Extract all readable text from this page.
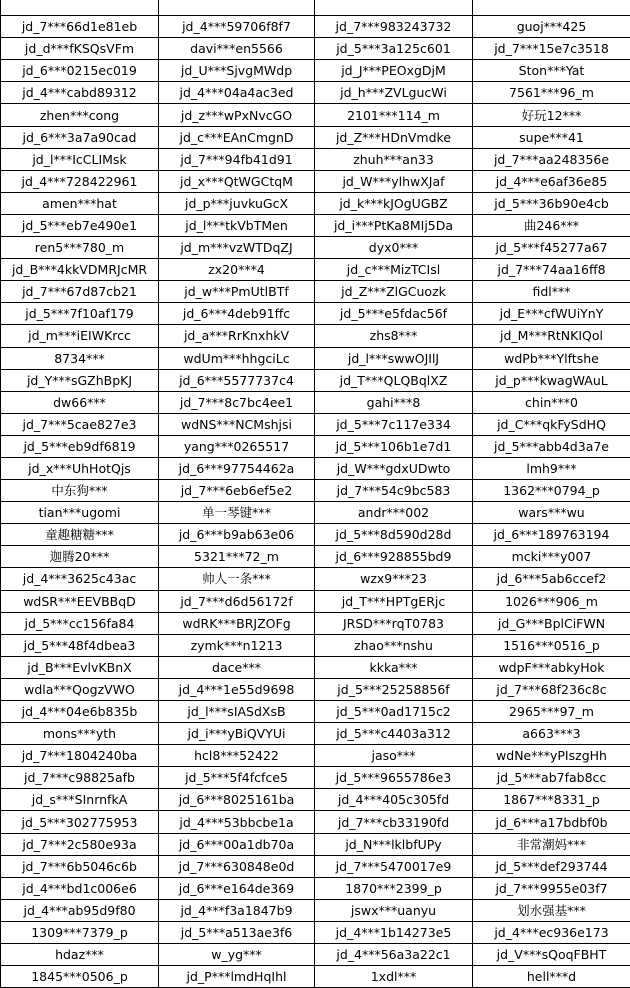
jd_7***66d1e81eb	jd_4***59706f8f7	jd_7***983243732	guoj***425
jd_d***fKSQsVFm	davi***en5566	jd_5***3a125c601	jd_7***15e7c3518
jd_6***0215ec019	jd_U***SjvgMWdp	jd_J***PEOxgDjM	Ston***Yat
jd_4***cabd89312	jd_4***04a4ac3ed	jd_h***ZVLgucWi	7561***96_m
zhen***cong	jd_z***wPxNvcGO	2101***114_m	好玩12***
jd_6***3a7a90cad	jd_c***EAnCmgnD	jd_Z***HDnVmdke	supe***41
jd_l***IcCLIMsk	jd_7***94fb41d91	zhuh***an33	jd_7***aa248356e
jd_4***728422961	jd_x***QtWGCtqM	jd_W***ylhwXJaf	jd_4***e6af36e85
amen***hat	jd_p***juvkuGcX	jd_k***kJOgUGBZ	jd_5***36b90e4cb
jd_5***eb7e490e1	jd_l***tkVbTMen	jd_i***PtKa8MIj5Da	曲246***
ren5***780_m	jd_m***vzWTDqZJ	dyx0***	jd_5***f45277a67
jd_B***4kkVDMRJcMR	zx20***4	jd_c***MizTCIsl	jd_7***74aa16ff8
jd_7***67d87cb21	jd_w***PmUtlBTf	jd_Z***ZlGCuozk	fidl***
jd_5***7f10af179	jd_6***4deb91ffc	jd_5***e5fdac56f	jd_E***cfWUiYnY
jd_m***iEIWKrcc	jd_a***RrKnxhkV	zhs8***	jd_M***RtNKIQol
8734***	wdUm***hhgciLc	jd_l***swwOJIlJ	wdPb***Ylftshe
jd_Y***sGZhBpKJ	jd_6***5577737c4	jd_T***QLQBqlXZ	jd_p***kwagWAuL
dw66***	jd_7***8c7bc4ee1	gahi***8	chin***0
jd_7***5cae827e3	wdNS***NCMshjsi	jd_5***7c117e334	jd_C***qkFySdHQ
jd_5***eb9df6819	yang***0265517	jd_5***106b1e7d1	jd_5***abb4d3a7e
jd_x***UhHotQjs	jd_6***97754462a	jd_W***gdxUDwto	lmh9***
中东狗***	jd_7***6eb6ef5e2	jd_7***54c9bc583	1362***0794_p
tian***ugomi	单一琴键***	andr***002	wars***wu
童趣糖糖***	jd_6***b9ab63e06	jd_5***8d590d28d	jd_6***189763194
迦腾20***	5321***72_m	jd_6***928855bd9	mcki***y007
jd_4***3625c43ac	帅人一条***	wzx9***23	jd_6***5ab6ccef2
wdSR***EEVBBqD	jd_7***d6d56172f	jd_T***HPTgERjc	1026***906_m
jd_5***cc156fa84	wdRK***BRJZOFg	JRSD***rqT0783	jd_G***BplCiFWN
jd_5***48f4dbea3	zymk***n1213	zhao***nshu	1516***0516_p
jd_B***EvlvKBnX	dace***	kkka***	wdpF***abkyHok
wdla***QogzVWO	jd_4***1e55d9698	jd_5***25258856f	jd_7***68f236c8c
jd_4***04e6b835b	jd_l***sIASdXsB	jd_5***0ad1715c2	2965***97_m
mons***yth	jd_i***yBiQVYUi	jd_5***c4403a312	a663***3
jd_7***1804240ba	hcl8***52422	jaso***	wdNe***yPIszgHh
jd_7***c98825afb	jd_5***5f4fcfce5	jd_5***9655786e3	jd_5***ab7fab8cc
jd_s***SInrnfkA	jd_6***8025161ba	jd_4***405c305fd	1867***8331_p
jd_5***302775953	jd_4***53bbcbe1a	jd_7***cb33190fd	jd_6***a17bdbf0b
jd_7***2c580e93a	jd_6***00a1db70a	jd_N***lklbfUPy	非常潮妈***
jd_7***6b5046c6b	jd_7***630848e0d	jd_7***5470017e9	jd_5***def293744
jd_4***bd1c006e6	jd_6***e164de369	1870***2399_p	jd_7***9955e03f7
jd_4***ab95d9f80	jd_4***f3a1847b9	jswx***uanyu	划水强基***
1309***7379_p	jd_5***a513ae3f6	jd_4***1b14273e5	jd_4***ec936e173
hdaz***	w_yg***	jd_4***56a3a22c1	jd_V***sQoqFBHT
1845***0506_p	jd_P***lmdHqIhl	1xdl***	hell***d
